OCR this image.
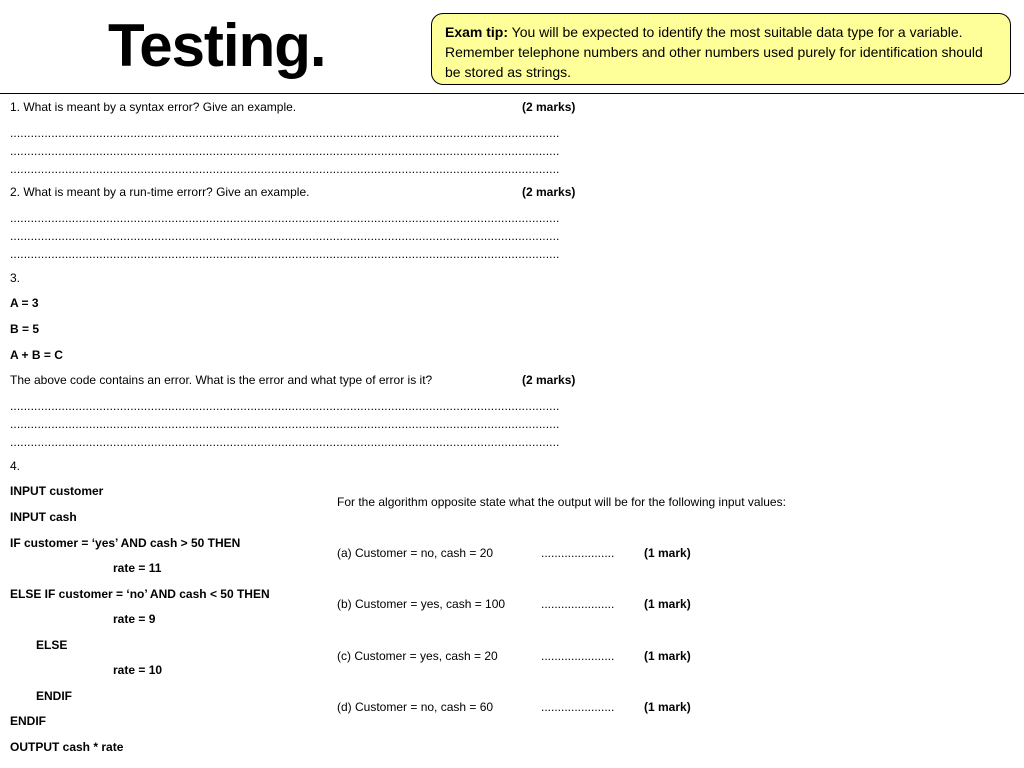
Testing.	Exam tip: You will be expected to identify the most suitable data type for a variable. Remember telephone numbers and other numbers used purely for identification should be stored as strings.
1. What is meant by a syntax error? Give an example.	(2 marks)
................................................................................................................................................................
................................................................................................................................................................
................................................................................................................................................................
2. What is meant by a run-time errorr? Give an example.	(2 marks)
................................................................................................................................................................
................................................................................................................................................................
................................................................................................................................................................
3.
A = 3
B = 5
A + B = C
The above code contains an error. What is the error and what type of error is it?	(2 marks)
................................................................................................................................................................
................................................................................................................................................................
................................................................................................................................................................
4.
INPUT customer
INPUT cash
IF customer = ‘yes’ AND cash > 50 THEN
rate = 11
ELSE IF customer = ‘no’ AND cash < 50 THEN
rate = 9
ELSE
rate = 10
ENDIF
ENDIF
OUTPUT cash * rate
For the algorithm opposite state what the output will be for the following input values:
(a) Customer = no, cash = 20	...................... (1 mark)
(b) Customer = yes, cash = 100	...................... (1 mark)
(c) Customer = yes, cash = 20	...................... (1 mark)
(d) Customer = no, cash = 60	...................... (1 mark)
